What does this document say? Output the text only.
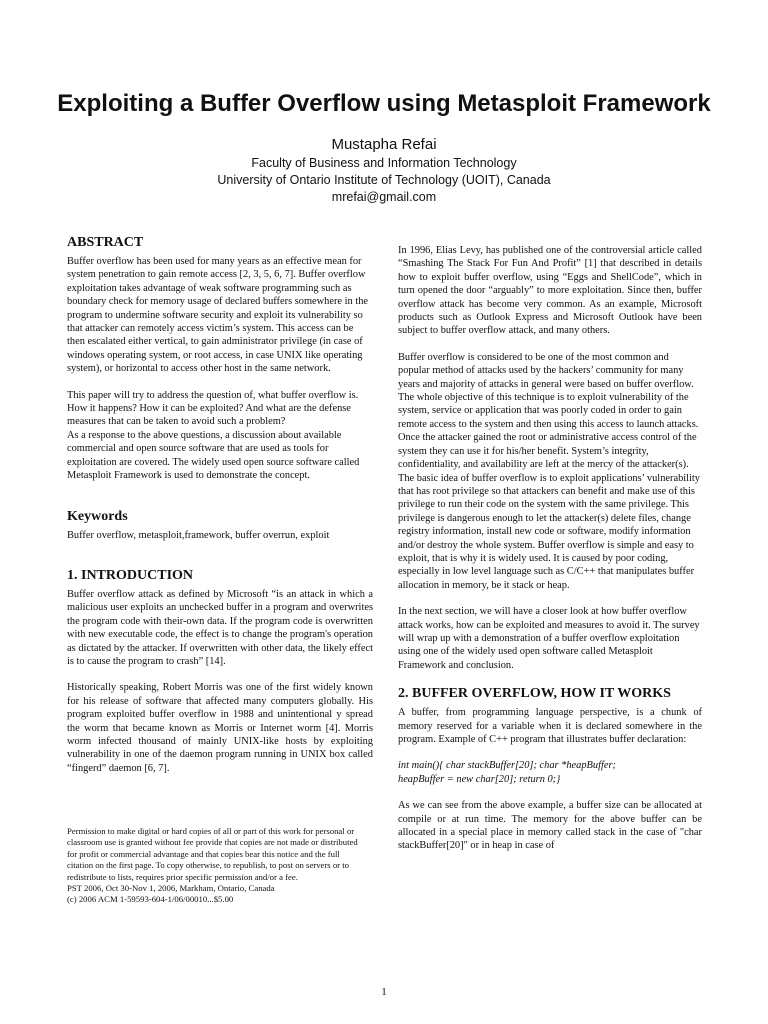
Exploiting a Buffer Overflow using Metasploit Framework
Mustapha Refai
Faculty of Business and Information Technology
University of Ontario Institute of Technology (UOIT), Canada
mrefai@gmail.com
ABSTRACT

Buffer overflow has been used for many years as an effective mean for system penetration to gain remote access [2, 3, 5, 6, 7]. Buffer overflow exploitation takes advantage of weak software programming such as boundary check for memory usage of declared buffers somewhere in the program to undermine software security and exploit its vulnerability so that attacker can remotely access victim’s system. This access can be then escalated either vertical, to gain administrator privilege (in case of windows operating system, or root access, in case UNIX like operating system), or horizontal to access other host in the same network.

This paper will try to address the question of, what buffer overflow is. How it happens? How it can be exploited? And what are the defense measures that can be taken to avoid such a problem?

As a response to the above questions, a discussion about available commercial and open source software that are used as tools for exploitation are covered. The widely used open source software called Metasploit Framework is used to demonstrate the concept.

Keywords

Buffer overflow, metasploit,framework, buffer overrun, exploit

1. INTRODUCTION

Buffer overflow attack as defined by Microsoft “is an attack in which a malicious user exploits an unchecked buffer in a program and overwrites the program code with their-own data. If the program code is overwritten with new executable code, the effect is to change the program's operation as dictated by the attacker. If overwritten with other data, the likely effect is to cause the program to crash” [14].

Historically speaking, Robert Morris was one of the first widely known for his release of software that affected many computers globally. His program exploited buffer overflow in 1988 and unintentional y spread the worm that became known as Morris or Internet worm [4]. Morris worm infected thousand of mainly UNIX-like hosts by exploiting vulnerability in one of the daemon program running in UNIX box called “fingerd” daemon [6, 7].

Permission to make digital or hard copies of all or part of this work for personal or classroom use is granted without fee provide that copies are not made or distributed for profit or commercial advantage and that copies bear this notice and the full citation on the first page. To copy otherwise, to republish, to post on servers or to redistribute to lists, requires prior specific permission and/or a fee.

PST 2006, Oct 30-Nov 1, 2006, Markham, Ontario, Canada

(c) 2006 ACM 1-59593-604-1/06/00010...$5.00

In 1996, Elias Levy, has published one of the controversial article called “Smashing The Stack For Fun And Profit” [1] that described in details how to exploit buffer overflow, using “Eggs and ShellCode”, which in turn opened the door “arguably” to more exploitation. Since then, buffer overflow attack has become very common. As an example, Microsoft products such as Outlook Express and Microsoft Outlook have been subject to buffer overflow attack, and many others.

Buffer overflow is considered to be one of the most common and popular method of attacks used by the hackers’ community for many years and majority of attacks in general were based on buffer overflow. The whole objective of this technique is to exploit vulnerability of the system, service or application that was poorly coded in order to gain remote access to the system and then using this access to launch attacks. Once the attacker gained the root or administrative access control of the system they can use it for his/her benefit. System’s integrity, confidentiality, and availability are left at the mercy of the attacker(s). The basic idea of buffer overflow is to exploit applications’ vulnerability that has root privilege so that attackers can benefit and make use of this privilege to run their code on the system with the same privilege. This privilege is dangerous enough to let the attacker(s) delete files, change registry information, install new code or software, modify information and/or destroy the whole system. Buffer overflow is simple and easy to exploit, that is why it is widely used. It is caused by poor coding, especially in low level language such as C/C++ that manipulates buffer allocation in memory, be it stack or heap.

In the next section, we will have a closer look at how buffer overflow attack works, how can be exploited and measures to avoid it. The survey will wrap up with a demonstration of a buffer overflow exploitation using one of the widely used open software called Metasploit Framework and conclusion.

2. BUFFER OVERFLOW, HOW IT WORKS

A buffer, from programming language perspective, is a chunk of memory reserved for a variable when it is declared somewhere in the program. Example of C++ program that illustrates buffer declaration:

int main(){ char stackBuffer[20]; char *heapBuffer;
heapBuffer = new char[20]; return 0;}

As we can see from the above example, a buffer size can be allocated at compile or at run time. The memory for the above buffer can be allocated in a special place in memory called stack in the case of "char stackBuffer[20]" or in heap in case of

1
